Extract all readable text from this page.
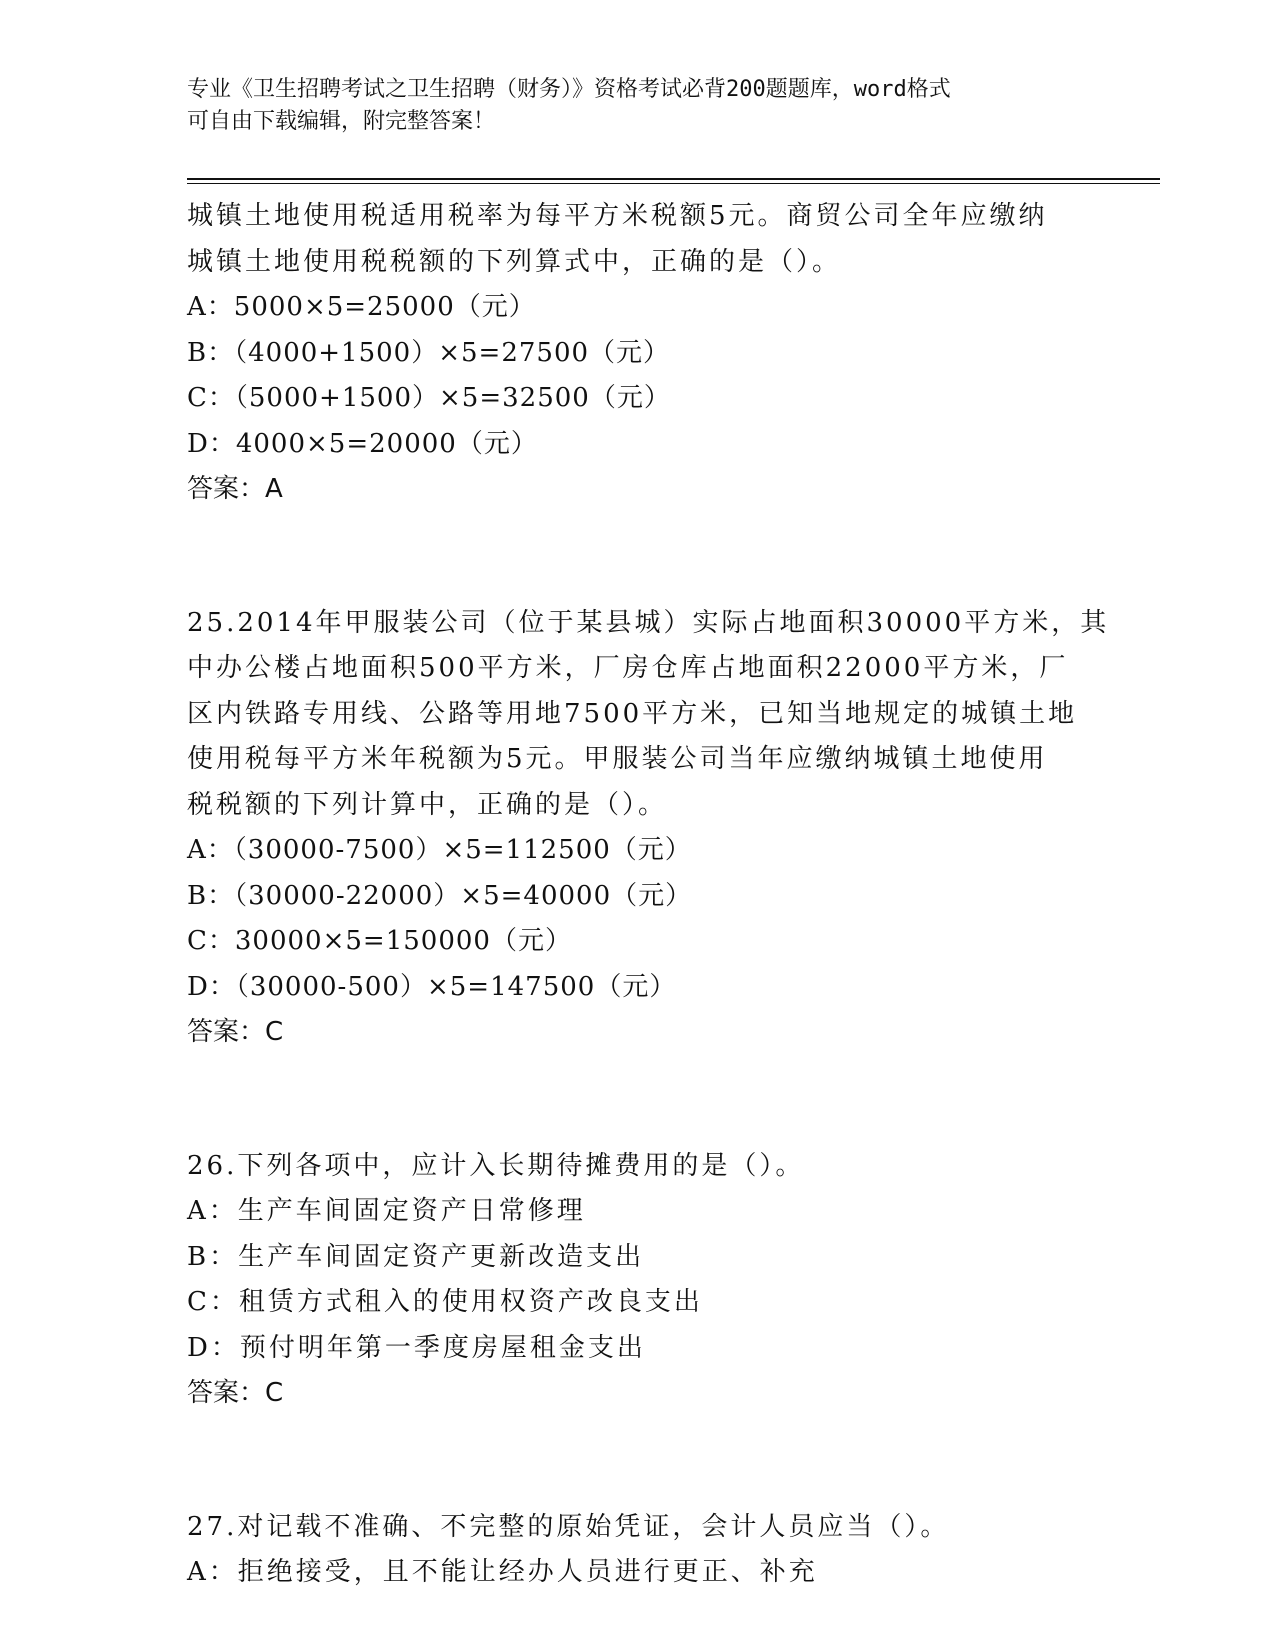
专业《卫生招聘考试之卫生招聘（财务）》资格考试必背200题题库，word格式
可自由下载编辑，附完整答案！
城镇土地使用税适用税率为每平方米税额5元。商贸公司全年应缴纳
城镇土地使用税税额的下列算式中，正确的是（）。
A：5000×5=25000（元）
B：（4000+1500）×5=27500（元）
C：（5000+1500）×5=32500（元）
D：4000×5=20000（元）
答案：A
25.2014年甲服装公司（位于某县城）实际占地面积30000平方米，其
中办公楼占地面积500平方米，厂房仓库占地面积22000平方米，厂
区内铁路专用线、公路等用地7500平方米，已知当地规定的城镇土地
使用税每平方米年税额为5元。甲服装公司当年应缴纳城镇土地使用
税税额的下列计算中，正确的是（）。
A：（30000-7500）×5=112500（元）
B：（30000-22000）×5=40000（元）
C：30000×5=150000（元）
D：（30000-500）×5=147500（元）
答案：C
26.下列各项中，应计入长期待摊费用的是（）。
A：生产车间固定资产日常修理
B：生产车间固定资产更新改造支出
C：租赁方式租入的使用权资产改良支出
D：预付明年第一季度房屋租金支出
答案：C
27.对记载不准确、不完整的原始凭证，会计人员应当（）。
A：拒绝接受，且不能让经办人员进行更正、补充
